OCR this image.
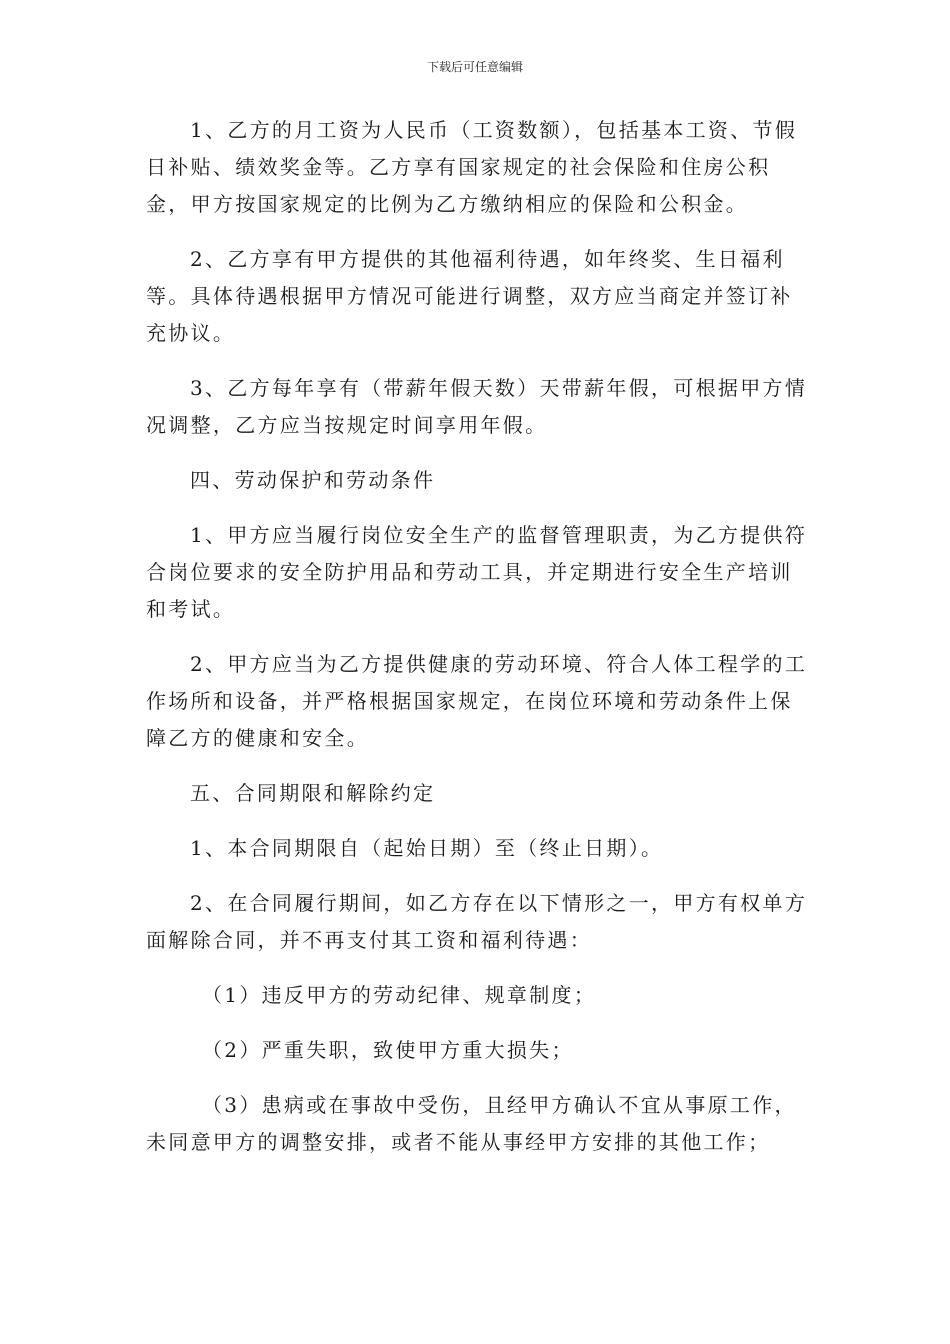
下载后可任意编辑

1、乙方的月工资为人民币（工资数额），包括基本工资、节假日补贴、绩效奖金等。乙方享有国家规定的社会保险和住房公积金，甲方按国家规定的比例为乙方缴纳相应的保险和公积金。

2、乙方享有甲方提供的其他福利待遇，如年终奖、生日福利等。具体待遇根据甲方情况可能进行调整，双方应当商定并签订补充协议。

3、乙方每年享有（带薪年假天数）天带薪年假，可根据甲方情况调整，乙方应当按规定时间享用年假。

四、劳动保护和劳动条件

1、甲方应当履行岗位安全生产的监督管理职责，为乙方提供符合岗位要求的安全防护用品和劳动工具，并定期进行安全生产培训和考试。

2、甲方应当为乙方提供健康的劳动环境、符合人体工程学的工作场所和设备，并严格根据国家规定，在岗位环境和劳动条件上保障乙方的健康和安全。

五、合同期限和解除约定

1、本合同期限自（起始日期）至（终止日期）。

2、在合同履行期间，如乙方存在以下情形之一，甲方有权单方面解除合同，并不再支付其工资和福利待遇：

（1）违反甲方的劳动纪律、规章制度；

（2）严重失职，致使甲方重大损失；

（3）患病或在事故中受伤，且经甲方确认不宜从事原工作，未同意甲方的调整安排，或者不能从事经甲方安排的其他工作；
